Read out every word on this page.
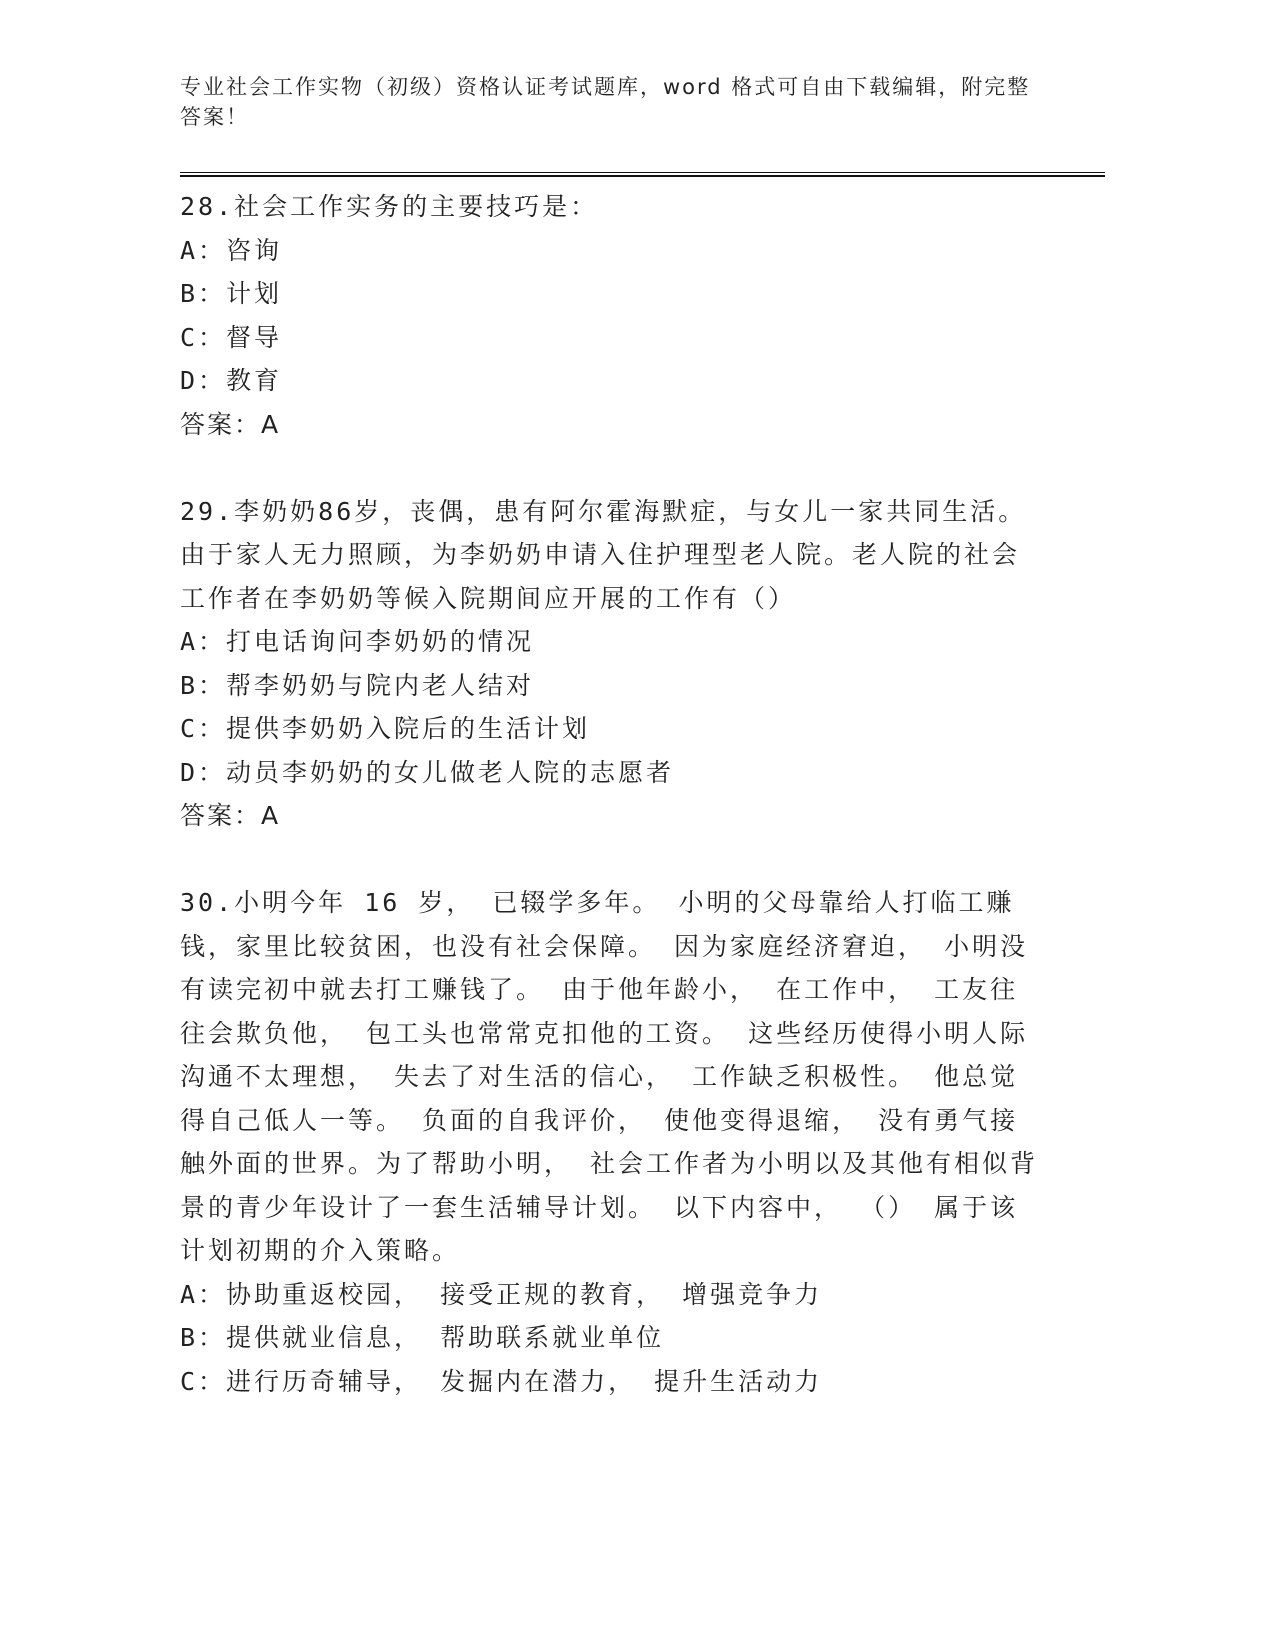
专业社会工作实物（初级）资格认证考试题库，word 格式可自由下载编辑，附完整答案！

28.社会工作实务的主要技巧是：

A：咨询

B：计划

C：督导

D：教育

答案：A

29.李奶奶86岁，丧偶，患有阿尔霍海默症，与女儿一家共同生活。由于家人无力照顾，为李奶奶申请入住护理型老人院。老人院的社会工作者在李奶奶等候入院期间应开展的工作有（）

A：打电话询问李奶奶的情况

B：帮李奶奶与院内老人结对

C：提供李奶奶入院后的生活计划

D：动员李奶奶的女儿做老人院的志愿者

答案：A

30.小明今年 16 岁， 已辍学多年。 小明的父母靠给人打临工赚钱，家里比较贫困，也没有社会保障。 因为家庭经济窘迫， 小明没有读完初中就去打工赚钱了。 由于他年龄小， 在工作中， 工友往往会欺负他， 包工头也常常克扣他的工资。 这些经历使得小明人际沟通不太理想， 失去了对生活的信心， 工作缺乏积极性。 他总觉得自己低人一等。 负面的自我评价， 使他变得退缩， 没有勇气接触外面的世界。为了帮助小明， 社会工作者为小明以及其他有相似背景的青少年设计了一套生活辅导计划。 以下内容中， （） 属于该计划初期的介入策略。

A：协助重返校园， 接受正规的教育， 增强竞争力

B：提供就业信息， 帮助联系就业单位

C：进行历奇辅导， 发掘内在潜力， 提升生活动力
